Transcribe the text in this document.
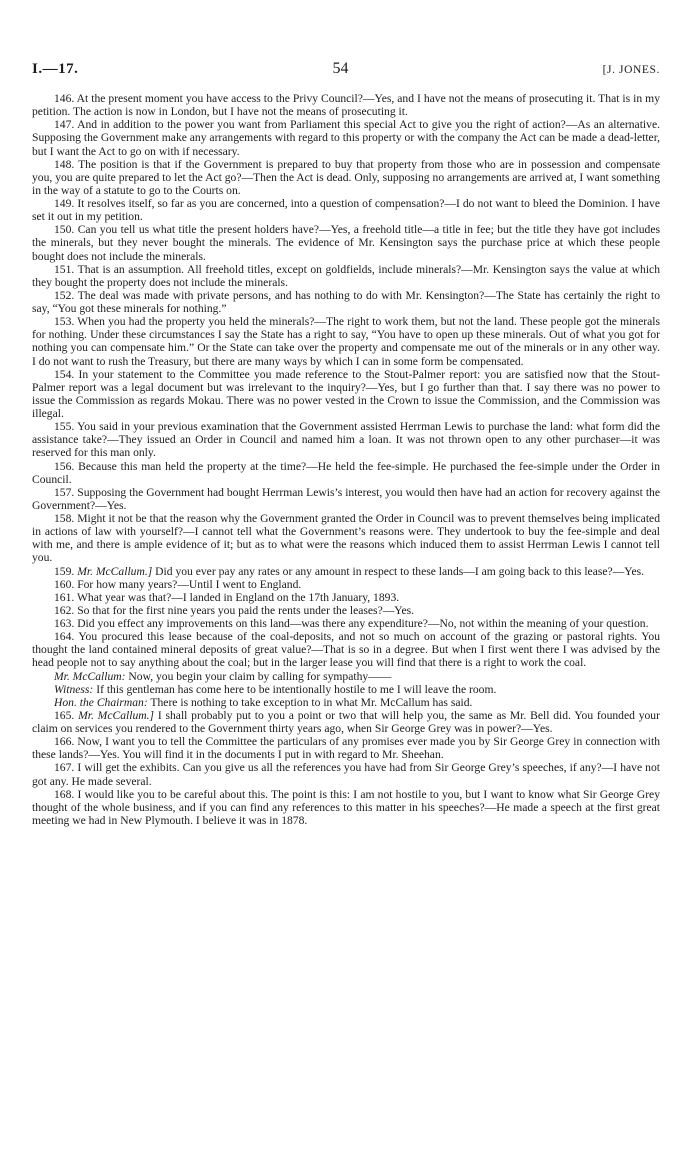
I.—17.	54	[J. JONES.

146. At the present moment you have access to the Privy Council?—Yes, and I have not the means of prosecuting it. That is in my petition. The action is now in London, but I have not the means of prosecuting it.

147. And in addition to the power you want from Parliament this special Act to give you the right of action?—As an alternative. Supposing the Government make any arrangements with regard to this property or with the company the Act can be made a dead-letter, but I want the Act to go on with if necessary.

148. The position is that if the Government is prepared to buy that property from those who are in possession and compensate you, you are quite prepared to let the Act go?—Then the Act is dead. Only, supposing no arrangements are arrived at, I want something in the way of a statute to go to the Courts on.

149. It resolves itself, so far as you are concerned, into a question of compensation?—I do not want to bleed the Dominion. I have set it out in my petition.

150. Can you tell us what title the present holders have?—Yes, a freehold title—a title in fee; but the title they have got includes the minerals, but they never bought the minerals. The evidence of Mr. Kensington says the purchase price at which these people bought does not include the minerals.

151. That is an assumption. All freehold titles, except on goldfields, include minerals?—Mr. Kensington says the value at which they bought the property does not include the minerals.

152. The deal was made with private persons, and has nothing to do with Mr. Kensington?—The State has certainly the right to say, “You got these minerals for nothing.”

153. When you had the property you held the minerals?—The right to work them, but not the land. These people got the minerals for nothing. Under these circumstances I say the State has a right to say, “You have to open up these minerals. Out of what you got for nothing you can compensate him.” Or the State can take over the property and compensate me out of the minerals or in any other way. I do not want to rush the Treasury, but there are many ways by which I can in some form be compensated.

154. In your statement to the Committee you made reference to the Stout-Palmer report: you are satisfied now that the Stout-Palmer report was a legal document but was irrelevant to the inquiry?—Yes, but I go further than that. I say there was no power to issue the Commission as regards Mokau. There was no power vested in the Crown to issue the Commission, and the Commission was illegal.

155. You said in your previous examination that the Government assisted Herrman Lewis to purchase the land: what form did the assistance take?—They issued an Order in Council and named him a loan. It was not thrown open to any other purchaser—it was reserved for this man only.

156. Because this man held the property at the time?—He held the fee-simple. He purchased the fee-simple under the Order in Council.

157. Supposing the Government had bought Herrman Lewis’s interest, you would then have had an action for recovery against the Government?—Yes.

158. Might it not be that the reason why the Government granted the Order in Council was to prevent themselves being implicated in actions of law with yourself?—I cannot tell what the Government’s reasons were. They undertook to buy the fee-simple and deal with me, and there is ample evidence of it; but as to what were the reasons which induced them to assist Herrman Lewis I cannot tell you.

159. Mr. McCallum.] Did you ever pay any rates or any amount in respect to these lands—I am going back to this lease?—Yes.

160. For how many years?—Until I went to England.

161. What year was that?—I landed in England on the 17th January, 1893.

162. So that for the first nine years you paid the rents under the leases?—Yes.

163. Did you effect any improvements on this land—was there any expenditure?—No, not within the meaning of your question.

164. You procured this lease because of the coal-deposits, and not so much on account of the grazing or pastoral rights. You thought the land contained mineral deposits of great value?—That is so in a degree. But when I first went there I was advised by the head people not to say anything about the coal; but in the larger lease you will find that there is a right to work the coal.

Mr. McCallum: Now, you begin your claim by calling for sympathy——

Witness: If this gentleman has come here to be intentionally hostile to me I will leave the room.

Hon. the Chairman: There is nothing to take exception to in what Mr. McCallum has said.

165. Mr. McCallum.] I shall probably put to you a point or two that will help you, the same as Mr. Bell did. You founded your claim on services you rendered to the Government thirty years ago, when Sir George Grey was in power?—Yes.

166. Now, I want you to tell the Committee the particulars of any promises ever made you by Sir George Grey in connection with these lands?—Yes. You will find it in the documents I put in with regard to Mr. Sheehan.

167. I will get the exhibits. Can you give us all the references you have had from Sir George Grey’s speeches, if any?—I have not got any. He made several.

168. I would like you to be careful about this. The point is this: I am not hostile to you, but I want to know what Sir George Grey thought of the whole business, and if you can find any references to this matter in his speeches?—He made a speech at the first great meeting we had in New Plymouth. I believe it was in 1878.
